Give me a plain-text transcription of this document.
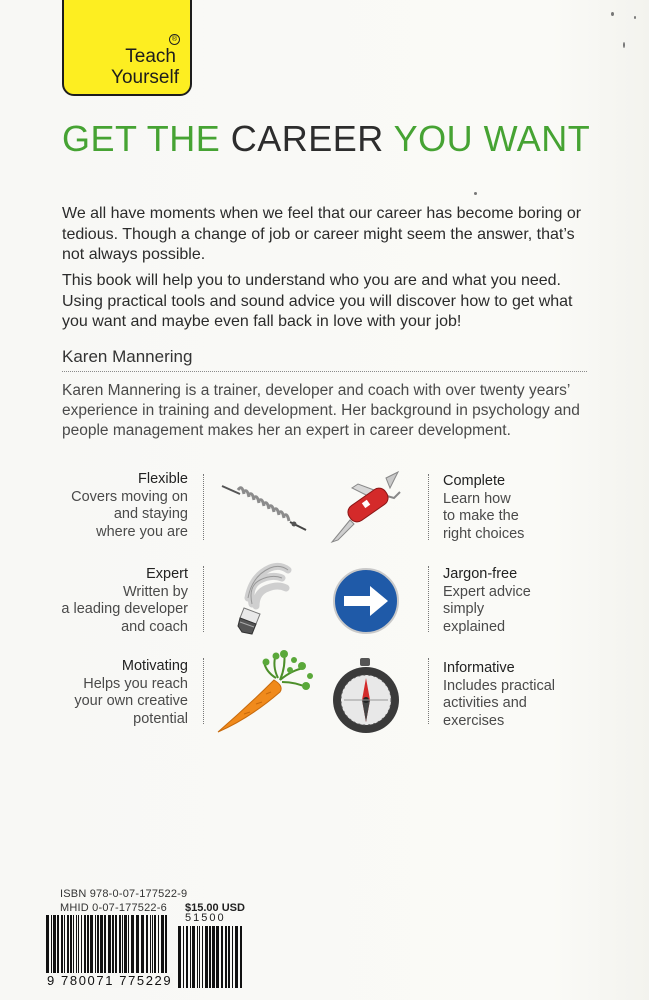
®
Teach
Yourself
GET THE CAREER YOU WANT

We all have moments when we feel that our career has become boring or tedious. Though a change of job or career might seem the answer, that’s not always possible.

This book will help you to understand who you are and what you need. Using practical tools and sound advice you will discover how to get what you want and maybe even fall back in love with your job!

Karen Mannering

Karen Mannering is a trainer, developer and coach with over twenty years’ experience in training and development. Her background in psychology and people management makes her an expert in career development.

Flexible
Covers moving on
and staying
where you are
Complete
Learn how
to make the
right choices
Expert
Written by
a leading developer
and coach
Jargon-free
Expert advice
simply
explained
Motivating
Helps you reach
your own creative
potential
Informative
Includes practical
activities and
exercises
ISBN 978-0-07-177522-9
MHID 0-07-177522-6 $15.00 USD
51500
9 780071 775229
